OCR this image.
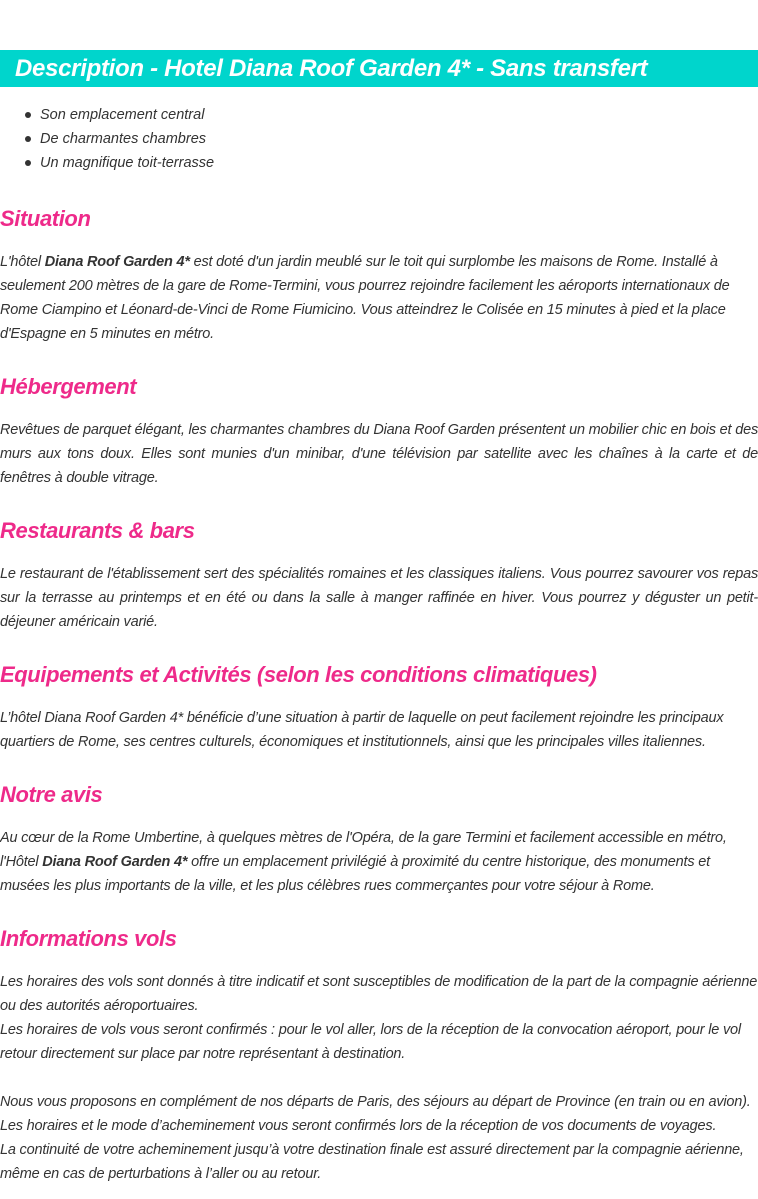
Description - Hotel Diana Roof Garden 4* - Sans transfert
Son emplacement central
De charmantes chambres
Un magnifique toit-terrasse
Situation

L'hôtel Diana Roof Garden 4* est doté d'un jardin meublé sur le toit qui surplombe les maisons de Rome. Installé à seulement 200 mètres de la gare de Rome-Termini, vous pourrez rejoindre facilement les aéroports internationaux de Rome Ciampino et Léonard-de-Vinci de Rome Fiumicino. Vous atteindrez le Colisée en 15 minutes à pied et la place d'Espagne en 5 minutes en métro.

Hébergement

Revêtues de parquet élégant, les charmantes chambres du Diana Roof Garden présentent un mobilier chic en bois et des murs aux tons doux. Elles sont munies d'un minibar, d'une télévision par satellite avec les chaînes à la carte et de fenêtres à double vitrage.

Restaurants & bars

Le restaurant de l'établissement sert des spécialités romaines et les classiques italiens. Vous pourrez savourer vos repas sur la terrasse au printemps et en été ou dans la salle à manger raffinée en hiver. Vous pourrez y déguster un petit-déjeuner américain varié.

Equipements et Activités (selon les conditions climatiques)

L’hôtel Diana Roof Garden 4* bénéficie d’une situation à partir de laquelle on peut facilement rejoindre les principaux quartiers de Rome, ses centres culturels, économiques et institutionnels, ainsi que les principales villes italiennes.

Notre avis

Au cœur de la Rome Umbertine, à quelques mètres de l'Opéra, de la gare Termini et facilement accessible en métro, l'Hôtel Diana Roof Garden 4* offre un emplacement privilégié à proximité du centre historique, des monuments et musées les plus importants de la ville, et les plus célèbres rues commerçantes pour votre séjour à Rome.

Informations vols

Les horaires des vols sont donnés à titre indicatif et sont susceptibles de modification de la part de la compagnie aérienne ou des autorités aéroportuaires.
Les horaires de vols vous seront confirmés : pour le vol aller, lors de la réception de la convocation aéroport, pour le vol retour directement sur place par notre représentant à destination.

Nous vous proposons en complément de nos départs de Paris, des séjours au départ de Province (en train ou en avion).
Les horaires et le mode d’acheminement vous seront confirmés lors de la réception de vos documents de voyages.
La continuité de votre acheminement jusqu’à votre destination finale est assuré directement par la compagnie aérienne, même en cas de perturbations à l’aller ou au retour.
